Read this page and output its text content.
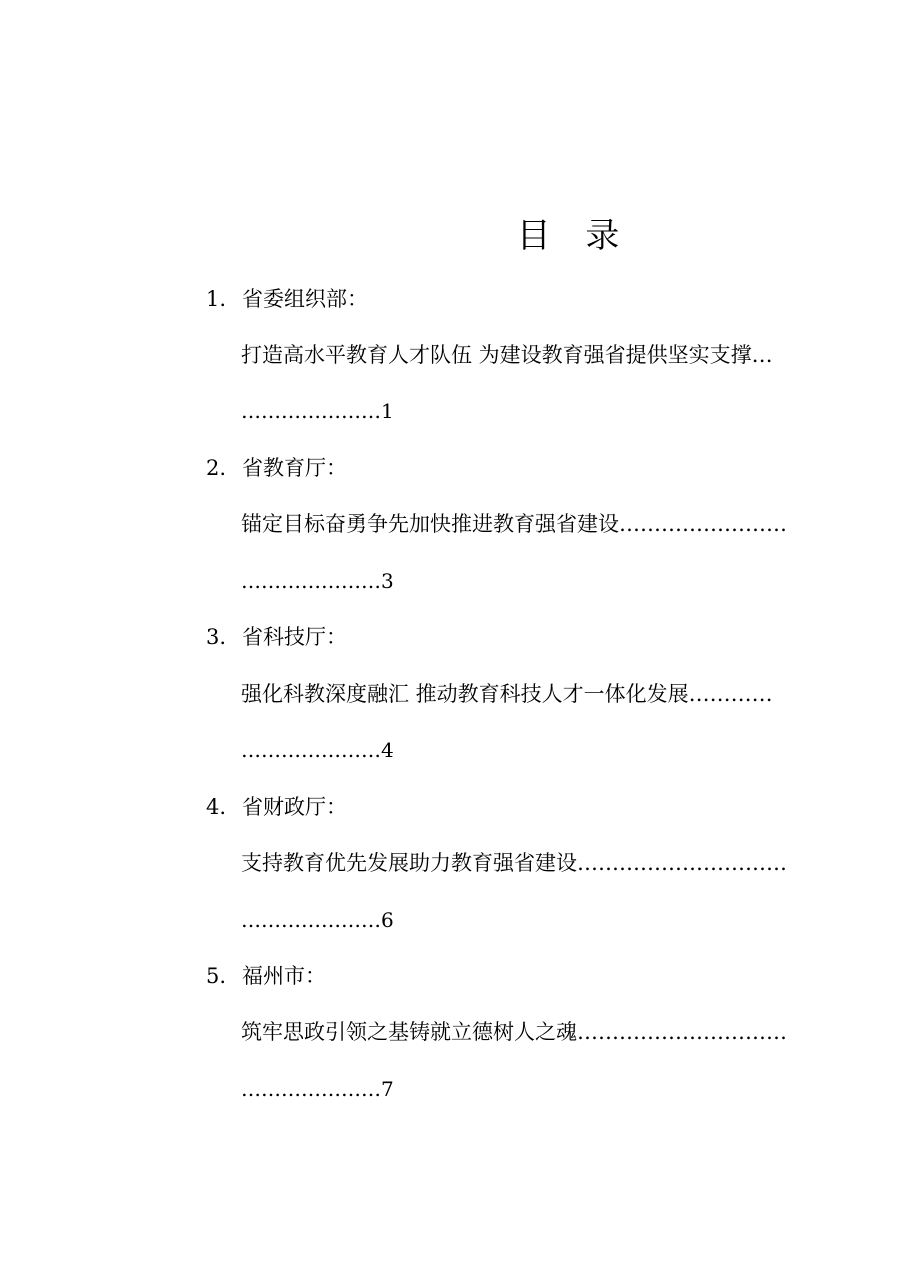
目 录
1. 省委组织部：
打造高水平教育人才队伍 为建设教育强省提供坚实支撑…
…………………1
2. 省教育厅：
锚定目标奋勇争先加快推进教育强省建设……………………
…………………3
3. 省科技厅：
强化科教深度融汇 推动教育科技人才一体化发展…………
…………………4
4. 省财政厅：
支持教育优先发展助力教育强省建设…………………………
…………………6
5. 福州市：
筑牢思政引领之基铸就立德树人之魂…………………………
…………………7
